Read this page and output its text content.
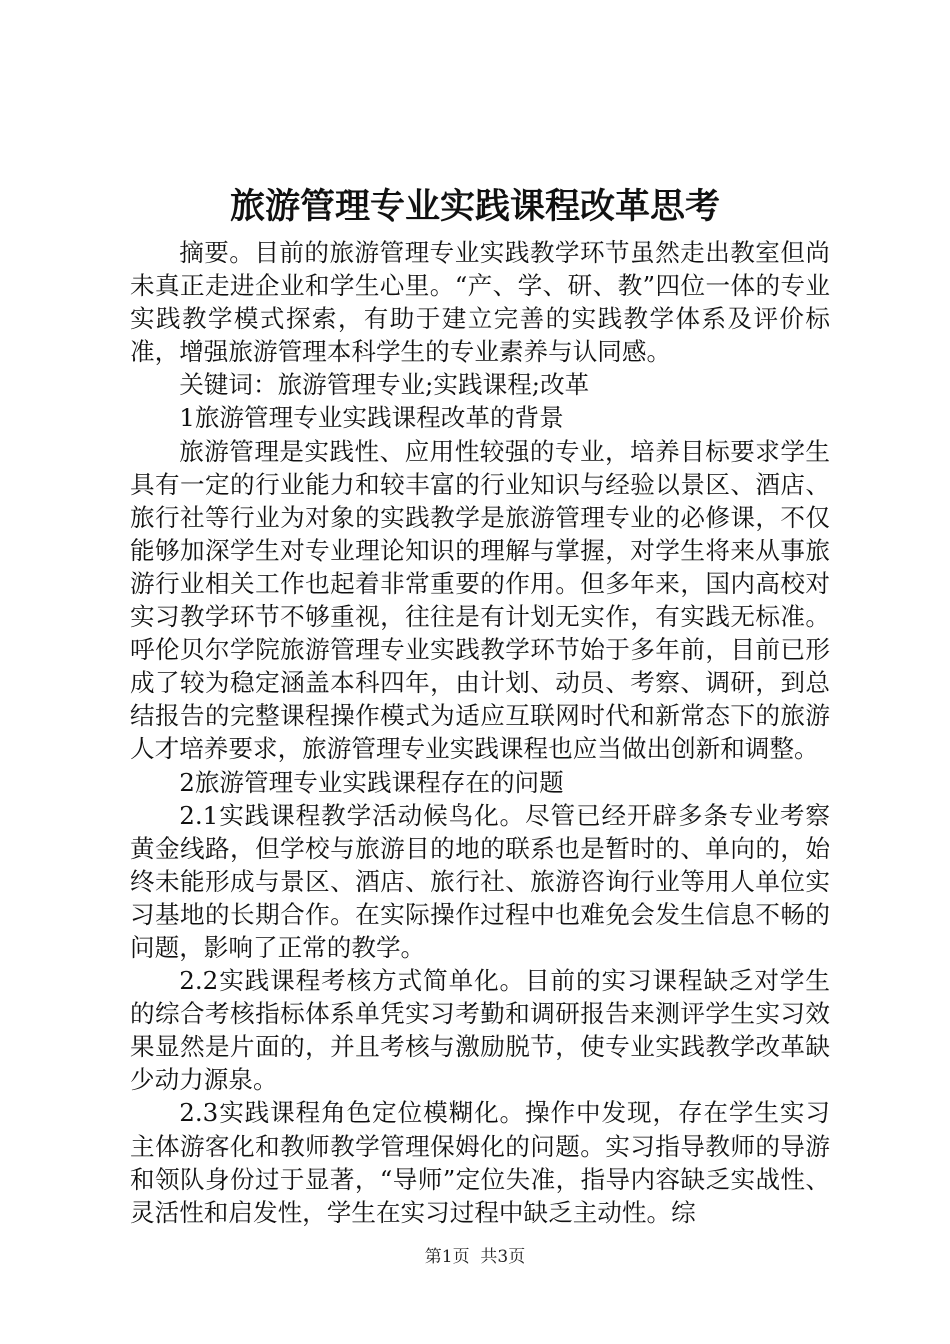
旅游管理专业实践课程改革思考

摘要。目前的旅游管理专业实践教学环节虽然走出教室但尚未真正走进企业和学生心里。“产、学、研、教”四位一体的专业实践教学模式探索，有助于建立完善的实践教学体系及评价标准，增强旅游管理本科学生的专业素养与认同感。

关键词：旅游管理专业;实践课程;改革

1旅游管理专业实践课程改革的背景

旅游管理是实践性、应用性较强的专业，培养目标要求学生具有一定的行业能力和较丰富的行业知识与经验以景区、酒店、旅行社等行业为对象的实践教学是旅游管理专业的必修课，不仅能够加深学生对专业理论知识的理解与掌握，对学生将来从事旅游行业相关工作也起着非常重要的作用。但多年来，国内高校对实习教学环节不够重视，往往是有计划无实作，有实践无标准。呼伦贝尔学院旅游管理专业实践教学环节始于多年前，目前已形成了较为稳定涵盖本科四年，由计划、动员、考察、调研，到总结报告的完整课程操作模式为适应互联网时代和新常态下的旅游人才培养要求，旅游管理专业实践课程也应当做出创新和调整。

2旅游管理专业实践课程存在的问题

2.1实践课程教学活动候鸟化。尽管已经开辟多条专业考察黄金线路，但学校与旅游目的地的联系也是暂时的、单向的，始终未能形成与景区、酒店、旅行社、旅游咨询行业等用人单位实习基地的长期合作。在实际操作过程中也难免会发生信息不畅的问题，影响了正常的教学。

2.2实践课程考核方式简单化。目前的实习课程缺乏对学生的综合考核指标体系单凭实习考勤和调研报告来测评学生实习效果显然是片面的，并且考核与激励脱节，使专业实践教学改革缺少动力源泉。

2.3实践课程角色定位模糊化。操作中发现，存在学生实习主体游客化和教师教学管理保姆化的问题。实习指导教师的导游和领队身份过于显著，“导师”定位失准，指导内容缺乏实战性、灵活性和启发性，学生在实习过程中缺乏主动性。综

第1页  共3页
